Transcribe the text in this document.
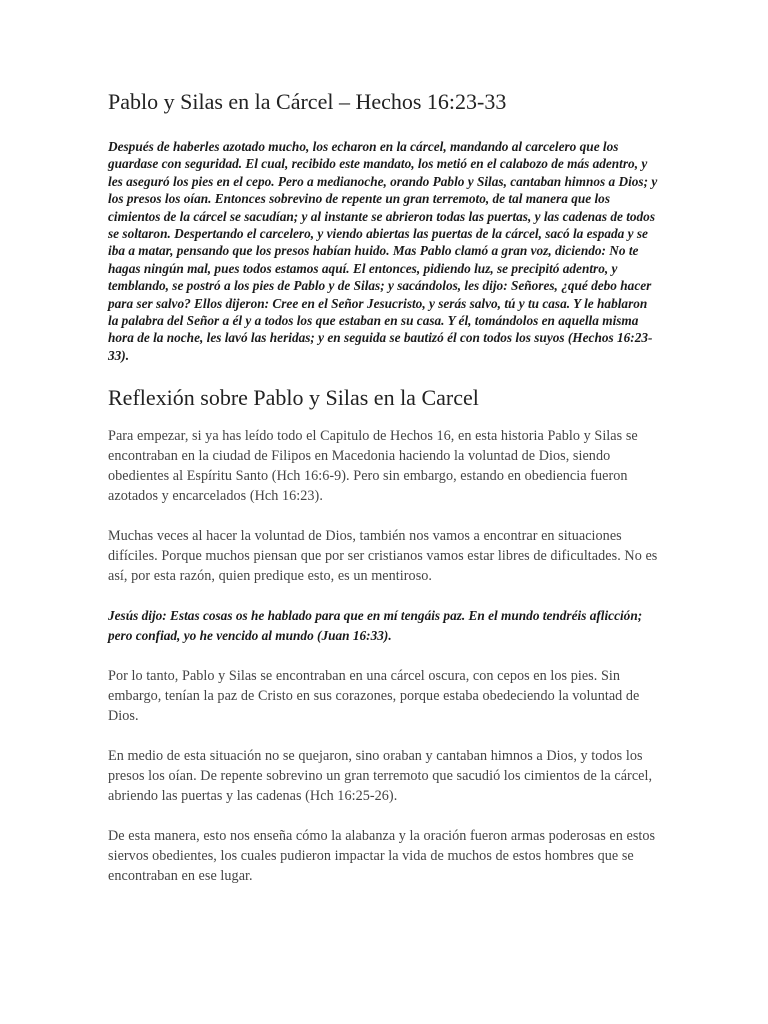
Pablo y Silas en la Cárcel – Hechos 16:23-33

Después de haberles azotado mucho, los echaron en la cárcel, mandando al carcelero que los guardase con seguridad. El cual, recibido este mandato, los metió en el calabozo de más adentro, y les aseguró los pies en el cepo. Pero a medianoche, orando Pablo y Silas, cantaban himnos a Dios; y los presos los oían. Entonces sobrevino de repente un gran terremoto, de tal manera que los cimientos de la cárcel se sacudían; y al instante se abrieron todas las puertas, y las cadenas de todos se soltaron. Despertando el carcelero, y viendo abiertas las puertas de la cárcel, sacó la espada y se iba a matar, pensando que los presos habían huido. Mas Pablo clamó a gran voz, diciendo: No te hagas ningún mal, pues todos estamos aquí. El entonces, pidiendo luz, se precipitó adentro, y temblando, se postró a los pies de Pablo y de Silas; y sacándolos, les dijo: Señores, ¿qué debo hacer para ser salvo? Ellos dijeron: Cree en el Señor Jesucristo, y serás salvo, tú y tu casa. Y le hablaron la palabra del Señor a él y a todos los que estaban en su casa. Y él, tomándolos en aquella misma hora de la noche, les lavó las heridas; y en seguida se bautizó él con todos los suyos (Hechos 16:23-33).

Reflexión sobre Pablo y Silas en la Carcel

Para empezar, si ya has leído todo el Capitulo de Hechos 16, en esta historia Pablo y Silas se encontraban en la ciudad de Filipos en Macedonia haciendo la voluntad de Dios, siendo obedientes al Espíritu Santo (Hch 16:6-9). Pero sin embargo, estando en obediencia fueron azotados y encarcelados (Hch 16:23).

Muchas veces al hacer la voluntad de Dios, también nos vamos a encontrar en situaciones difíciles. Porque muchos piensan que por ser cristianos vamos estar libres de dificultades. No es así, por esta razón, quien predique esto, es un mentiroso.

Jesús dijo: Estas cosas os he hablado para que en mí tengáis paz. En el mundo tendréis aflicción; pero confiad, yo he vencido al mundo (Juan 16:33).

Por lo tanto, Pablo y Silas se encontraban en una cárcel oscura, con cepos en los pies. Sin embargo, tenían la paz de Cristo en sus corazones, porque estaba obedeciendo la voluntad de Dios.

En medio de esta situación no se quejaron, sino oraban y cantaban himnos a Dios, y todos los presos los oían. De repente sobrevino un gran terremoto que sacudió los cimientos de la cárcel, abriendo las puertas y las cadenas (Hch 16:25-26).

De esta manera, esto nos enseña cómo la alabanza y la oración fueron armas poderosas en estos siervos obedientes, los cuales pudieron impactar la vida de muchos de estos hombres que se encontraban en ese lugar.
